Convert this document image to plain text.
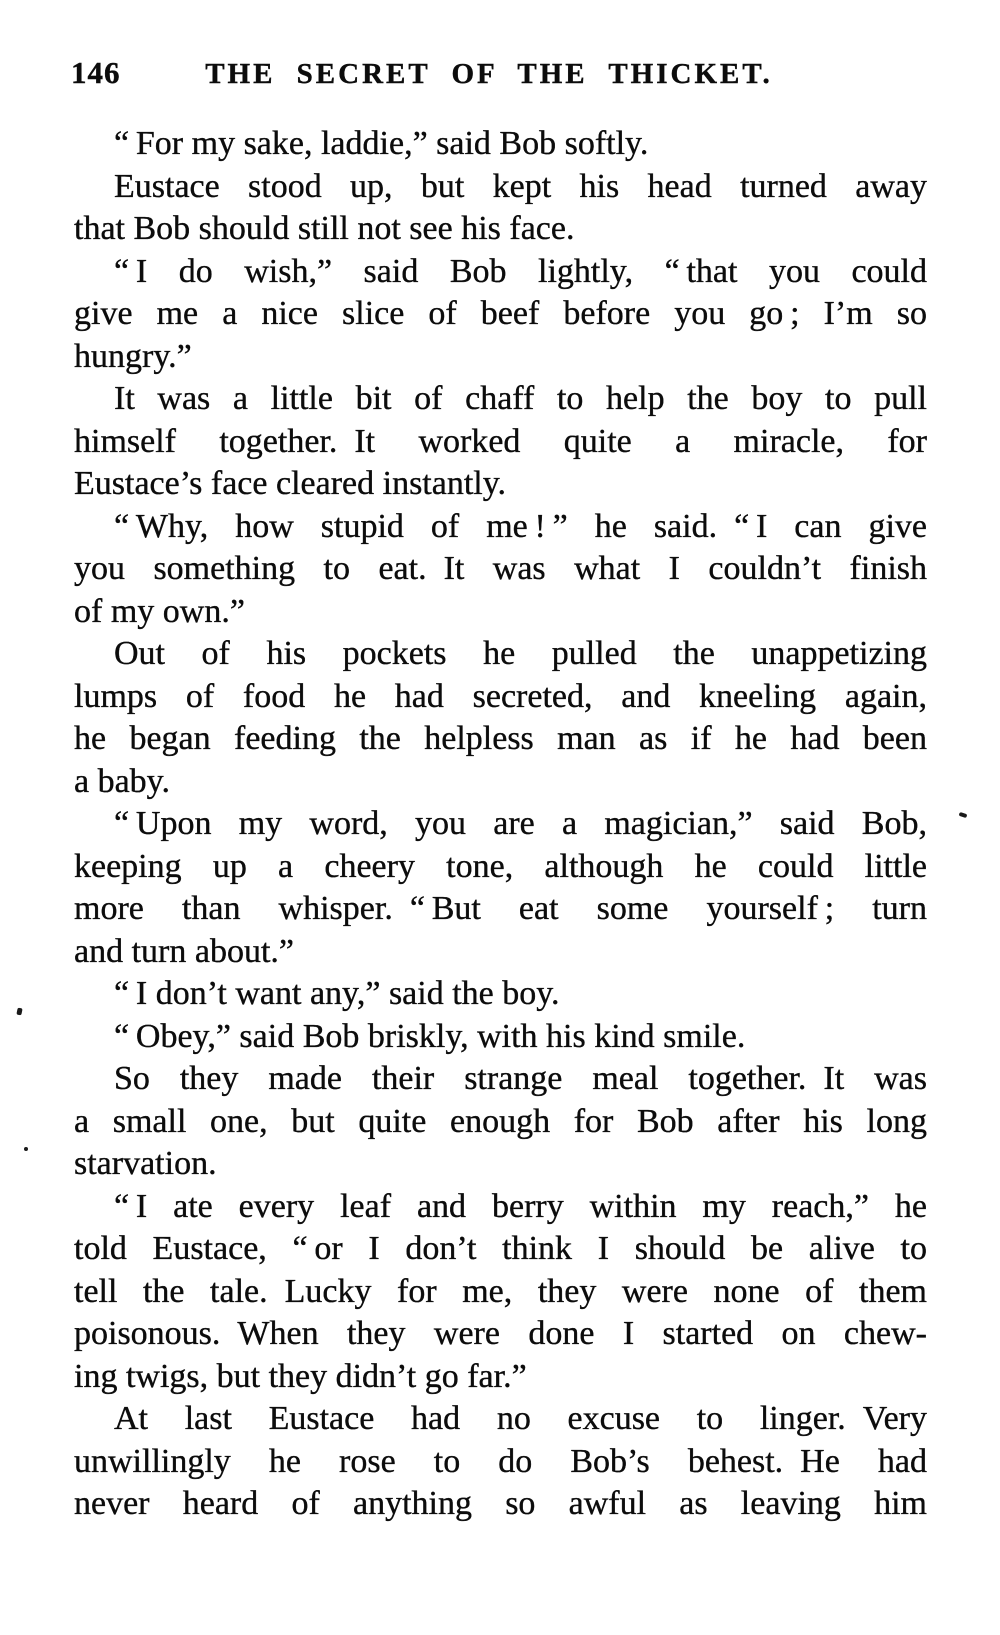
146	THE SECRET OF THE THICKET.
“ For my sake, laddie,” said Bob softly.
Eustace stood up, but kept his head turned away
that Bob should still not see his face.
“ I do wish,” said Bob lightly, “ that you could
give me a nice slice of beef before you go ; I’m so
hungry.”
It was a little bit of chaff to help the boy to pull
himself together. It worked quite a miracle, for
Eustace’s face cleared instantly.
“ Why, how stupid of me ! ” he said. “ I can give
you something to eat. It was what I couldn’t finish
of my own.”
Out of his pockets he pulled the unappetizing
lumps of food he had secreted, and kneeling again,
he began feeding the helpless man as if he had been
a baby.
“ Upon my word, you are a magician,” said Bob,
keeping up a cheery tone, although he could little
more than whisper. “ But eat some yourself ; turn
and turn about.”
“ I don’t want any,” said the boy.
“ Obey,” said Bob briskly, with his kind smile.
So they made their strange meal together. It was
a small one, but quite enough for Bob after his long
starvation.
“ I ate every leaf and berry within my reach,” he
told Eustace, “ or I don’t think I should be alive to
tell the tale. Lucky for me, they were none of them
poisonous. When they were done I started on chew-
ing twigs, but they didn’t go far.”
At last Eustace had no excuse to linger. Very
unwillingly he rose to do Bob’s behest. He had
never heard of anything so awful as leaving him
